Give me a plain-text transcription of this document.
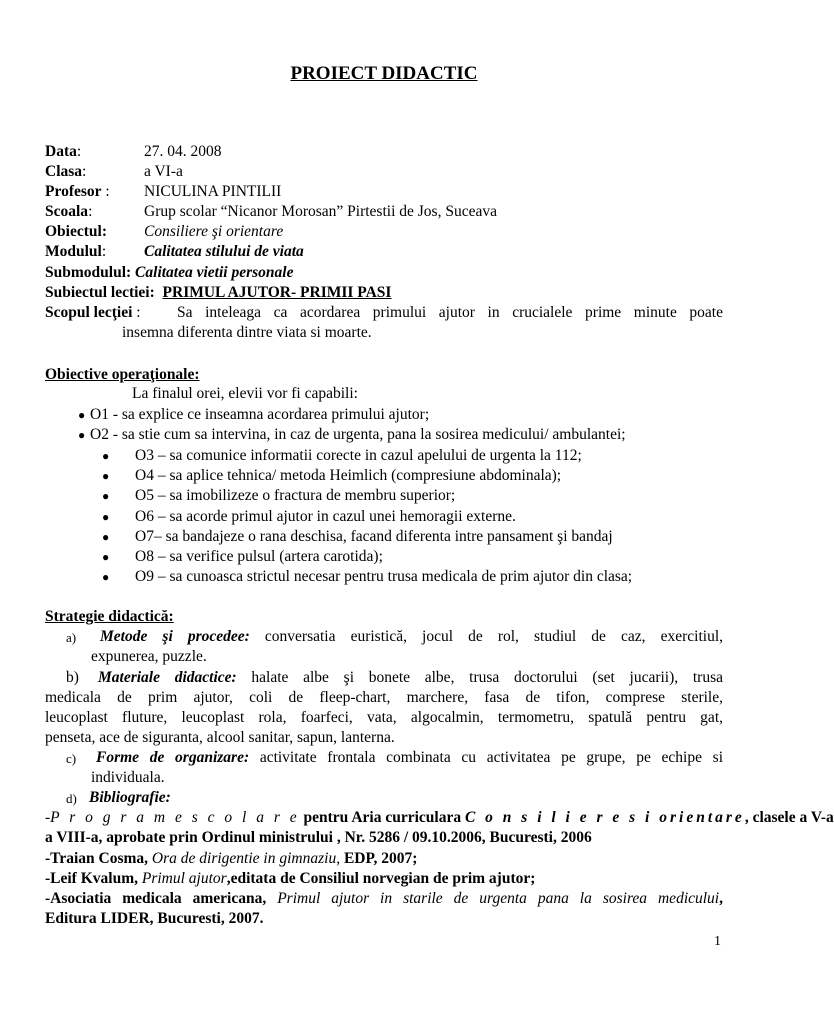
PROIECT DIDACTIC
Data:	27. 04. 2008
Clasa:	a VI-a
Profesor : NICULINA PINTILII
Scoala:	Grup scolar “Nicanor Morosan” Pirtestii de Jos, Suceava
Obiectul: Consiliere şi orientare
Modulul: Calitatea stilului de viata
Submodulul: Calitatea vietii personale
Subiectul lectiei: PRIMUL AJUTOR- PRIMII PASI
Scopul lecţiei : Sa inteleaga ca acordarea primului ajutor in crucialele prime minute poate
insemna diferenta dintre viata si moarte.
Obiective operaţionale:
La finalul orei, elevii vor fi capabili:
● O1 - sa explice ce inseamna acordarea primului ajutor;
● O2 - sa stie cum sa intervina, in caz de urgenta, pana la sosirea medicului/ ambulantei;
● O3 – sa comunice informatii corecte in cazul apelului de urgenta la 112;
● O4 – sa aplice tehnica/ metoda Heimlich (compresiune abdominala);
● O5 – sa imobilizeze o fractura de membru superior;
● O6 – sa acorde primul ajutor in cazul unei hemoragii externe.
● O7– sa bandajeze o rana deschisa, facand diferenta intre pansament şi bandaj
● O8 – sa verifice pulsul (artera carotida);
● O9 – sa cunoasca strictul necesar pentru trusa medicala de prim ajutor din clasa;
Strategie didactică:
a) Metode şi procedee: conversatia euristică, jocul de rol, studiul de caz, exercitiul,
expunerea, puzzle.
b) Materiale didactice: halate albe şi bonete albe, trusa doctorului (set jucarii), trusa
medicala de prim ajutor, coli de fleep-chart, marchere, fasa de tifon, comprese sterile,
leucoplast fluture, leucoplast rola, foarfeci, vata, algocalmin, termometru, spatulă pentru gat,
penseta, ace de siguranta, alcool sanitar, sapun, lanterna.
c) Forme de organizare: activitate frontala combinata cu activitatea pe grupe, pe echipe si
individuala.
d) Bibliografie:
-P r o g r a m e s c o l a r e pentru Aria curriculara C o n s i l i e r e s i orientare, clasele a V-a
a VIII-a, aprobate prin Ordinul ministrului , Nr. 5286 / 09.10.2006, Bucuresti, 2006
-Traian Cosma, Ora de dirigentie in gimnaziu, EDP, 2007;
-Leif Kvalum, Primul ajutor,editata de Consiliul norvegian de prim ajutor;
-Asociatia medicala americana, Primul ajutor in starile de urgenta pana la sosirea medicului,
Editura LIDER, Bucuresti, 2007.
1
